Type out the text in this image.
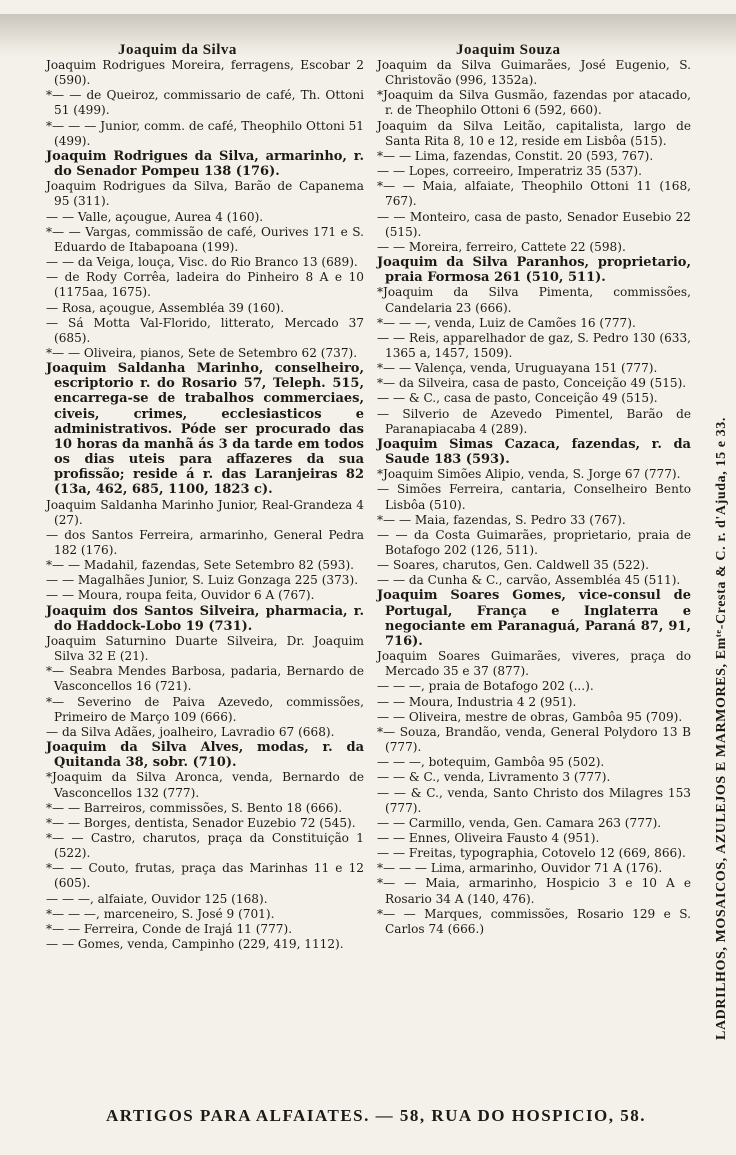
Joaquim da Silva	Joaquim Souza

Joaquim Rodrigues Moreira, ferragens, Escobar 2 (590).

*— — de Queiroz, commissario de café, Th. Ottoni 51 (499).

*— — — Junior, comm. de café, Theophilo Ottoni 51 (499).

Joaquim Rodrigues da Silva, armarinho, r. do Senador Pompeu 138 (176).

Joaquim Rodrigues da Silva, Barão de Capanema 95 (311).

— — Valle, açougue, Aurea 4 (160).

*— — Vargas, commissão de café, Ourives 171 e S. Eduardo de Itabapoana (199).

— — da Veiga, louça, Visc. do Rio Branco 13 (689).

— de Rody Corrêa, ladeira do Pinheiro 8 A e 10 (1175aa, 1675).

— Rosa, açougue, Assembléa 39 (160).

— Sá Motta Val-Florido, litterato, Mercado 37 (685).

*— — Oliveira, pianos, Sete de Setembro 62 (737).

Joaquim Saldanha Marinho, conselheiro, escriptorio r. do Rosario 57, Teleph. 515, encarrega-se de trabalhos commerciaes, civeis, crimes, ecclesiasticos e administrativos. Póde ser procurado das 10 horas da manhã ás 3 da tarde em todos os dias uteis para affazeres da sua profissão; reside á r. das Laranjeiras 82 (13a, 462, 685, 1100, 1823 c).

Joaquim Saldanha Marinho Junior, Real-Grandeza 4 (27).

— dos Santos Ferreira, armarinho, General Pedra 182 (176).

*— — Madahil, fazendas, Sete Setembro 82 (593).

— — Magalhães Junior, S. Luiz Gonzaga 225 (373).

— — Moura, roupa feita, Ouvidor 6 A (767).

Joaquim dos Santos Silveira, pharmacia, r. do Haddock-Lobo 19 (731).

Joaquim Saturnino Duarte Silveira, Dr. Joaquim Silva 32 E (21).

*— Seabra Mendes Barbosa, padaria, Bernardo de Vasconcellos 16 (721).

*— Severino de Paiva Azevedo, commissões, Primeiro de Março 109 (666).

— da Silva Adães, joalheiro, Lavradio 67 (668).

Joaquim da Silva Alves, modas, r. da Quitanda 38, sobr. (710).

*Joaquim da Silva Aronca, venda, Bernardo de Vasconcellos 132 (777).

*— — Barreiros, commissões, S. Bento 18 (666).

*— — Borges, dentista, Senador Euzebio 72 (545).

*— — Castro, charutos, praça da Constituição 1 (522).

*— — Couto, frutas, praça das Marinhas 11 e 12 (605).

— — —, alfaiate, Ouvidor 125 (168).

*— — —, marceneiro, S. José 9 (701).

*— — Ferreira, Conde de Irajá 11 (777).

— — Gomes, venda, Campinho (229, 419, 1112).

Joaquim da Silva Guimarães, José Eugenio, S. Christovão (996, 1352a).

*Joaquim da Silva Gusmão, fazendas por atacado, r. de Theophilo Ottoni 6 (592, 660).

Joaquim da Silva Leitão, capitalista, largo de Santa Rita 8, 10 e 12, reside em Lisbôa (515).

*— — Lima, fazendas, Constit. 20 (593, 767).

— — Lopes, correeiro, Imperatriz 35 (537).

*— — Maia, alfaiate, Theophilo Ottoni 11 (168, 767).

— — Monteiro, casa de pasto, Senador Eusebio 22 (515).

— — Moreira, ferreiro, Cattete 22 (598).

Joaquim da Silva Paranhos, proprietario, praia Formosa 261 (510, 511).

*Joaquim da Silva Pimenta, commissões, Candelaria 23 (666).

*— — —, venda, Luiz de Camões 16 (777).

— — Reis, apparelhador de gaz, S. Pedro 130 (633, 1365 a, 1457, 1509).

*— — Valença, venda, Uruguayana 151 (777).

*— da Silveira, casa de pasto, Conceição 49 (515).

— — & C., casa de pasto, Conceição 49 (515).

— Silverio de Azevedo Pimentel, Barão de Paranapiacaba 4 (289).

Joaquim Simas Cazaca, fazendas, r. da Saude 183 (593).

*Joaquim Simões Alipio, venda, S. Jorge 67 (777).

— Simões Ferreira, cantaria, Conselheiro Bento Lisbôa (510).

*— — Maia, fazendas, S. Pedro 33 (767).

— — da Costa Guimarães, proprietario, praia de Botafogo 202 (126, 511).

— Soares, charutos, Gen. Caldwell 35 (522).

— — da Cunha & C., carvão, Assembléa 45 (511).

Joaquim Soares Gomes, vice-consul de Portugal, França e Inglaterra e negociante em Paranaguá, Paraná 87, 91, 716).

Joaquim Soares Guimarães, viveres, praça do Mercado 35 e 37 (877).

— — —, praia de Botafogo 202 (...).

— — Moura, Industria 4 2 (951).

— — Oliveira, mestre de obras, Gambôa 95 (709).

*— Souza, Brandão, venda, General Polydoro 13 B (777).

— — —, botequim, Gambôa 95 (502).

— — & C., venda, Livramento 3 (777).

— — & C., venda, Santo Christo dos Milagres 153 (777).

— — Carmillo, venda, Gen. Camara 263 (777).

— — Ennes, Oliveira Fausto 4 (951).

— — Freitas, typographia, Cotovelo 12 (669, 866).

*— — — Lima, armarinho, Ouvidor 71 A (176).

*— — Maia, armarinho, Hospicio 3 e 10 A e Rosario 34 A (140, 476).

*— — Marques, commissões, Rosario 129 e S. Carlos 74 (666.)	LADRILHOS, MOSAICOS, AZULEJOS E MARMORES, Emᵗᵉ-Cresta & C. r. d'Ajuda, 15 e 33.
ARTIGOS PARA ALFAIATES. — 58, RUA DO HOSPICIO, 58.
